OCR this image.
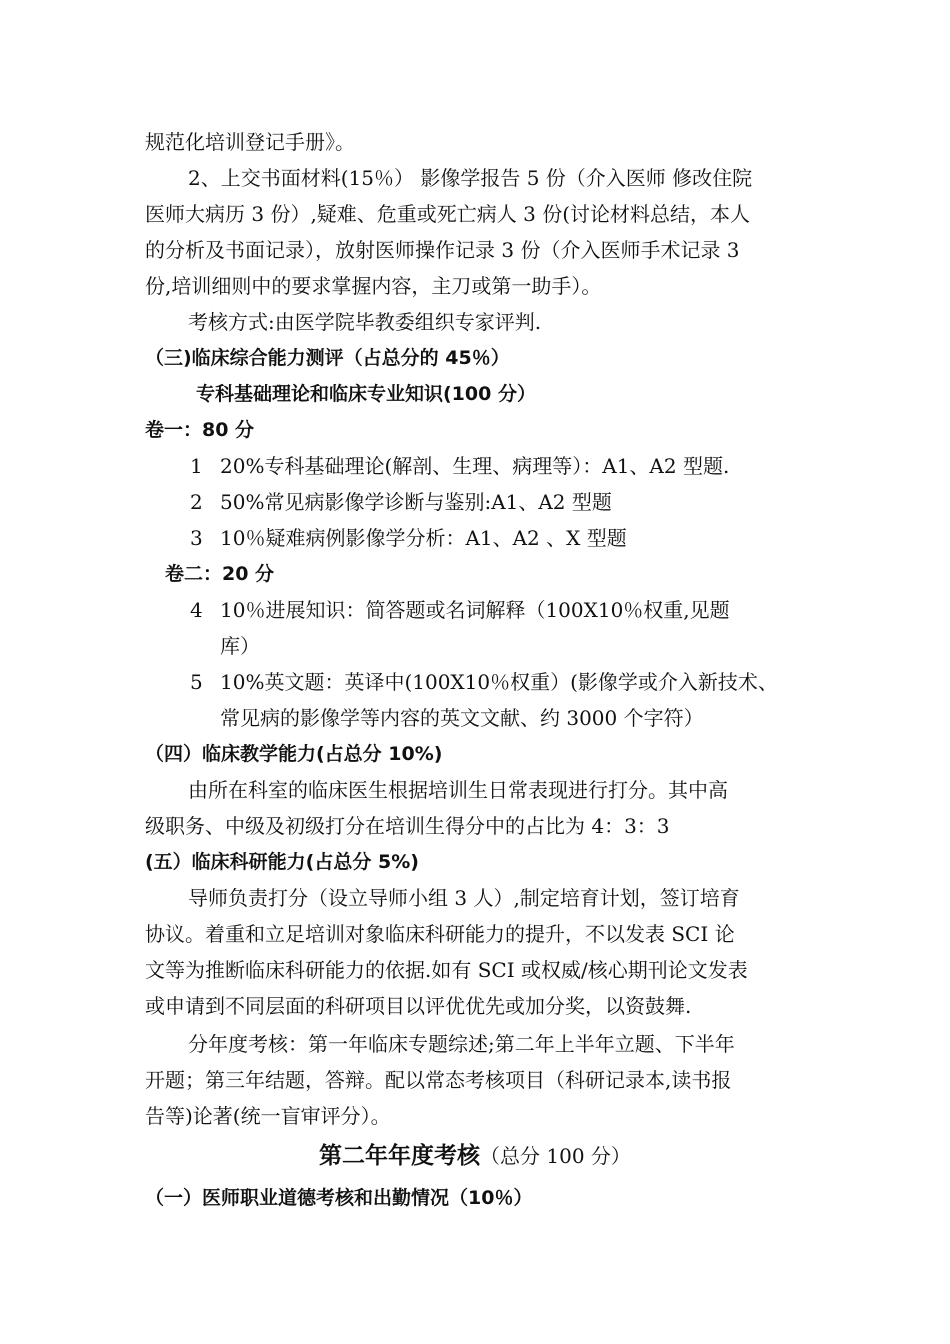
规范化培训登记手册》。
2、上交书面材料(15％） 影像学报告 5 份（介入医师 修改住院
医师大病历 3 份）,疑难、危重或死亡病人 3 份(讨论材料总结，本人
的分析及书面记录），放射医师操作记录 3 份（介入医师手术记录 3
份,培训细则中的要求掌握内容，主刀或第一助手）。
考核方式:由医学院毕教委组织专家评判.
（三)临床综合能力测评（占总分的 45％）
专科基础理论和临床专业知识(100 分）
卷一：80 分
1 20%专科基础理论(解剖、生理、病理等）：A1、A2 型题.
2 50%常见病影像学诊断与鉴别:A1、A2 型题
3 10％疑难病例影像学分析：A1、A2 、X 型题
卷二：20 分
4 10％进展知识：简答题或名词解释（100X10％权重,见题
库）
5 10%英文题：英译中(100X10％权重）(影像学或介入新技术、
常见病的影像学等内容的英文文献、约 3000 个字符）
（四）临床教学能力(占总分 10%)
由所在科室的临床医生根据培训生日常表现进行打分。其中高
级职务、中级及初级打分在培训生得分中的占比为 4：3：3
(五）临床科研能力(占总分 5%)
导师负责打分（设立导师小组 3 人）,制定培育计划，签订培育
协议。着重和立足培训对象临床科研能力的提升，不以发表 SCI 论
文等为推断临床科研能力的依据.如有 SCI 或权威/核心期刊论文发表
或申请到不同层面的科研项目以评优优先或加分奖，以资鼓舞.
分年度考核：第一年临床专题综述;第二年上半年立题、下半年
开题；第三年结题，答辩。配以常态考核项目（科研记录本,读书报
告等)论著(统一盲审评分）。
第二年年度考核（总分 100 分）
（一）医师职业道德考核和出勤情况（10％）
